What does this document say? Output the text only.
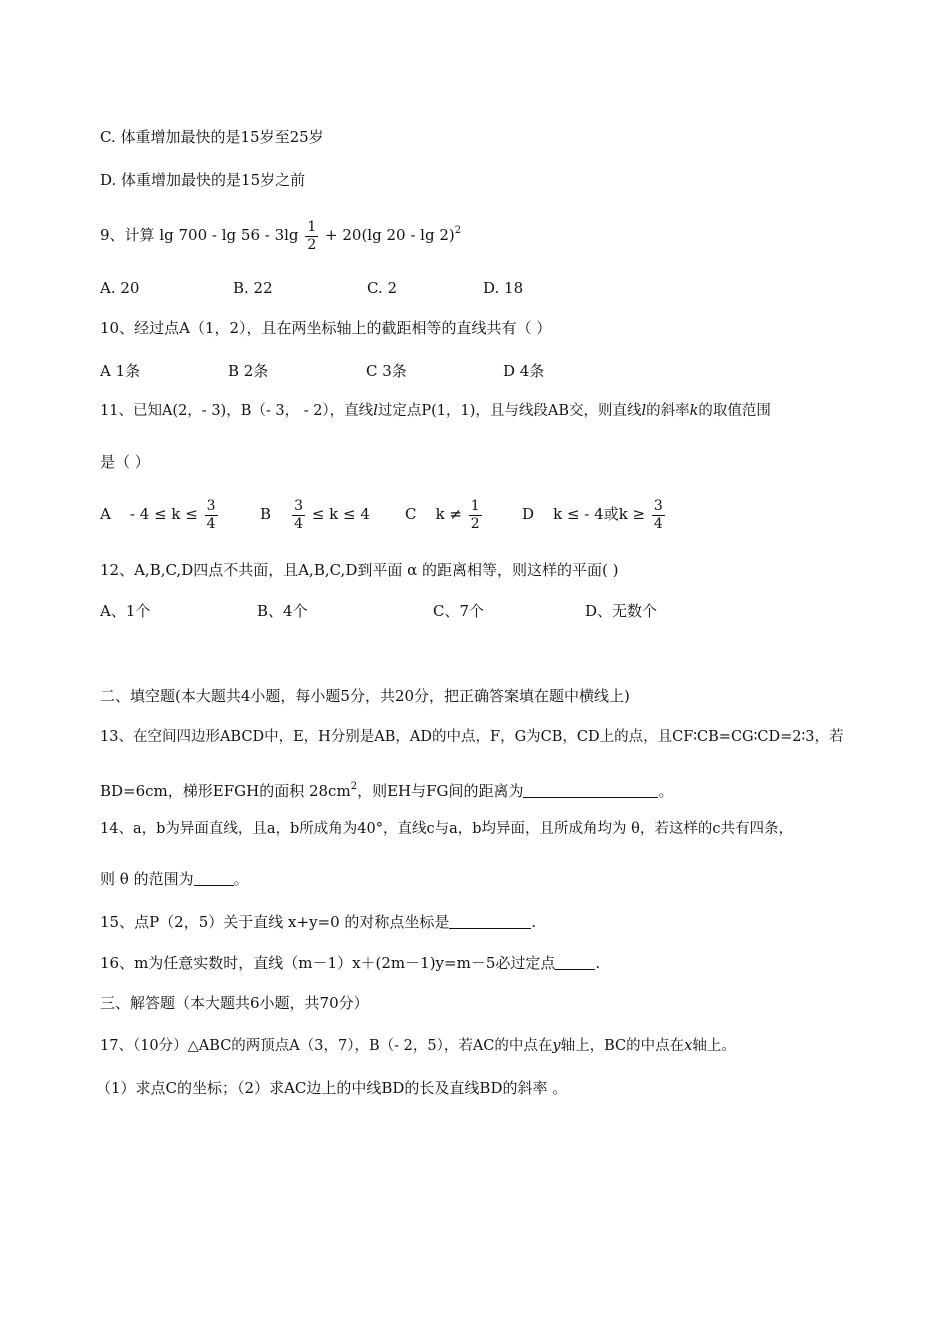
C. 体重增加最快的是15岁至25岁
D. 体重增加最快的是15岁之前
9、计算 $\lg 700 - \lg 56 - 3\lg \frac{1}{2} + 20(\lg$ 20 - lg 2)$^2$
A. 20	B. 22	C. 2	D. 18
10、经过点A（1，2），且在两坐标轴上的截距相等的直线共有（ ）
A 1条	B 2条	C 3条	D 4条
11、已知A(2，- 3)，B（- 3， - 2），直线l过定点P(1，1)，且与线段AB交，则直线l的斜率k的取值范围
是（ ）
$A - 4 \le k \le \frac{3}{4}$	B $\frac{3}{4} \le k \le 4$ C $k \ne \frac{1}{2}$	D k ≤ - 4或$k \ge \frac{3}{4}$
12、A,B,C,D四点不共面，且A,B,C,D到平面 α 的距离相等，则这样的平面( )
A、1个	B、4个	C、7个	D、无数个
二、填空题(本大题共4小题，每小题5分，共20分，把正确答案填在题中横线上)
13、在空间四边形ABCD中，E，H分别是AB，AD的中点，F，G为CB，CD上的点，且CF∶CB=CG∶CD=2∶3，若
BD=6cm，梯形EFGH的面积 $28cm^2$，则EH与FG间的距离为	。
14、a，b为异面直线，且a，b所成角为40°，直线c与a，b均异面，且所成角均为 θ，若这样的c共有四条，
则 θ 的范围为	。
15、点P（2，5）关于直线 x+y=0 的对称点坐标是	.
16、m为任意实数时，直线（m－1）x＋(2m－1)y=m－5必过定点	.
三、解答题（本大题共6小题，共70分）
17、（10分）△ABC的两顶点A（3，7），B（- 2，5），若AC的中点在y轴上，BC的中点在x轴上。
（1）求点C的坐标；（2）求AC边上的中线BD的长及直线BD的斜率 。
